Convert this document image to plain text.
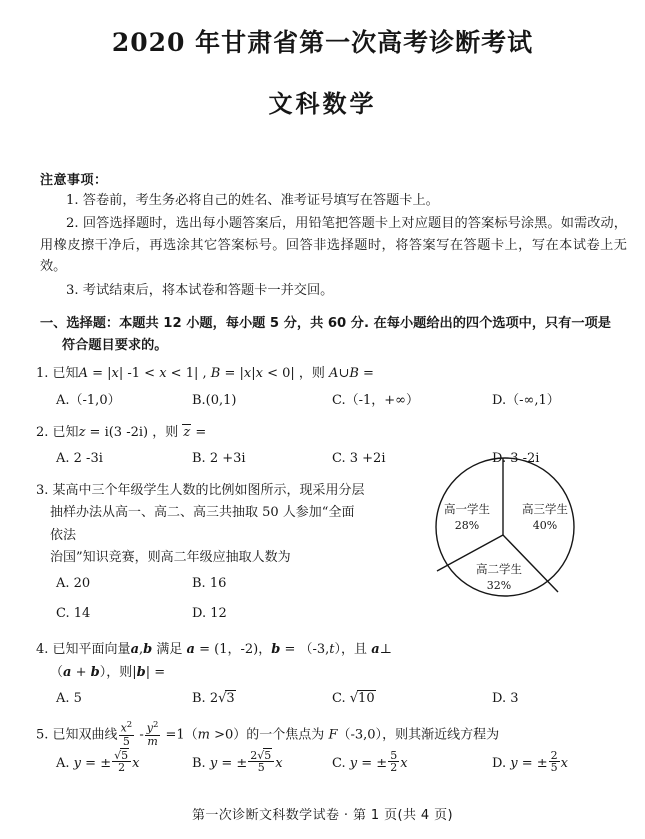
2020 年甘肃省第一次高考诊断考试
文科数学
注意事项：
1. 答卷前，考生务必将自己的姓名、准考证号填写在答题卡上。
2. 回答选择题时，选出每小题答案后，用铅笔把答题卡上对应题目的答案标号涂黑。如需改动，用橡皮擦干净后，再选涂其它答案标号。回答非选择题时，将答案写在答题卡上，写在本试卷上无效。
3. 考试结束后，将本试卷和答题卡一并交回。
一、选择题：本题共 12 小题，每小题 5 分，共 60 分. 在每小题给出的四个选项中，只有一项是
符合题目要求的。
1. 已知A = |x| -1 < x < 1| , B = |x|x < 0| ，则 A∪B =
A.（-1,0）	B.(0,1)	C.（-1，+∞）	D.（-∞,1）
2. 已知z = i(3 -2i) ，则 z =
A. 2 -3i	B. 2 +3i	C. 3 +2i	D. 3 -2i
3. 某高中三个年级学生人数的比例如图所示，现采用分层
抽样办法从高一、高二、高三共抽取 50 人参加“全面依法
治国”知识竞赛，则高二年级应抽取人数为
A. 20	B. 16
C. 14	D. 12
高一学生
28%
高三学生
40%
高二学生
32%
4. 已知平面向量a,b 满足 a = (1，-2)，b = （-3,t），且 a⊥
（a + b），则|b| =
A. 5	B. 2√3	C. √10	D. 3
5. 已知双曲线 $\frac{x^2}{5} - \frac{y^2}{m} =1(m >0)$的一个焦点为 F（-3,0），则其渐近线方程为
A. y = ± $\frac{√5}{2}$ x	B. y = ± $\frac{2√5}{5}$ x	C. y = ± $\frac{5}{2}$ x	D. y = ± $\frac{2}{5}$ x
第一次诊断文科数学试卷 · 第 1 页(共 4 页)
